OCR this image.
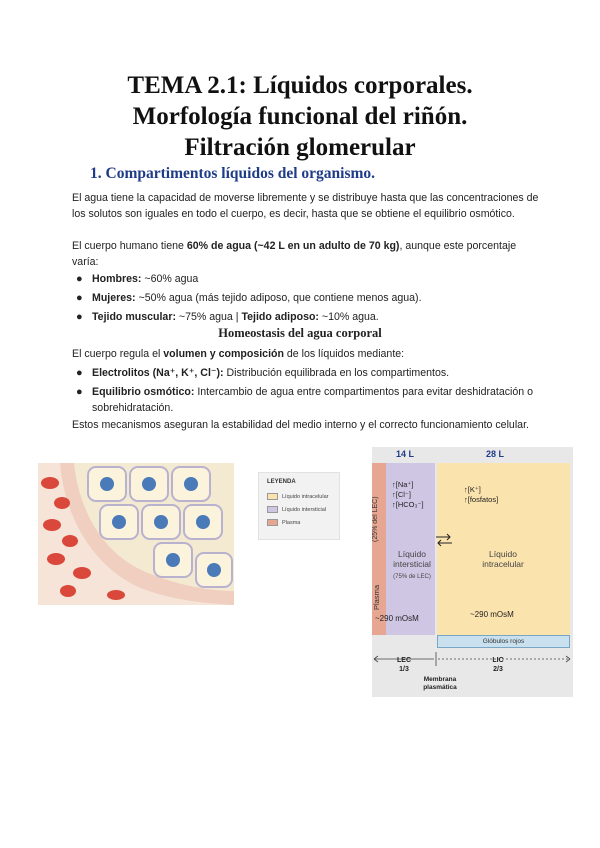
TEMA 2.1: Líquidos corporales.
Morfología funcional del riñón.
Filtración glomerular
1. Compartimentos líquidos del organismo.
El agua tiene la capacidad de moverse libremente y se distribuye hasta que las concentraciones de los solutos son iguales en todo el cuerpo, es decir, hasta que se obtiene el equilibrio osmótico.
El cuerpo humano tiene 60% de agua (~42 L en un adulto de 70 kg), aunque este porcentaje varía:
● Hombres: ~60% agua
● Mujeres: ~50% agua (más tejido adiposo, que contiene menos agua).
● Tejido muscular: ~75% agua | Tejido adiposo: ~10% agua.
Homeostasis del agua corporal
El cuerpo regula el volumen y composición de los líquidos mediante:
● Electrolitos (Na⁺, K⁺, Cl⁻): Distribución equilibrada en los compartimentos.
● Equilibrio osmótico: Intercambio de agua entre compartimentos para evitar deshidratación o sobrehidratación.
Estos mecanismos aseguran la estabilidad del medio interno y el correcto funcionamiento celular.
LEYENDA
Líquido intracelular
Líquido intersticial
Plasma
14 L	28 L
(25% del LEC)
Plasma
↑[Na⁺]
↑[Cl⁻]
↑[HCO₃⁻]
↑[K⁺]
↑[fosfatos]
Líquido intersticial
(75% de LEC)
Líquido intracelular
~290 mOsM	~290 mOsM
Glóbulos rojos
LEC
1/3
LIC
2/3
Membrana plasmática
